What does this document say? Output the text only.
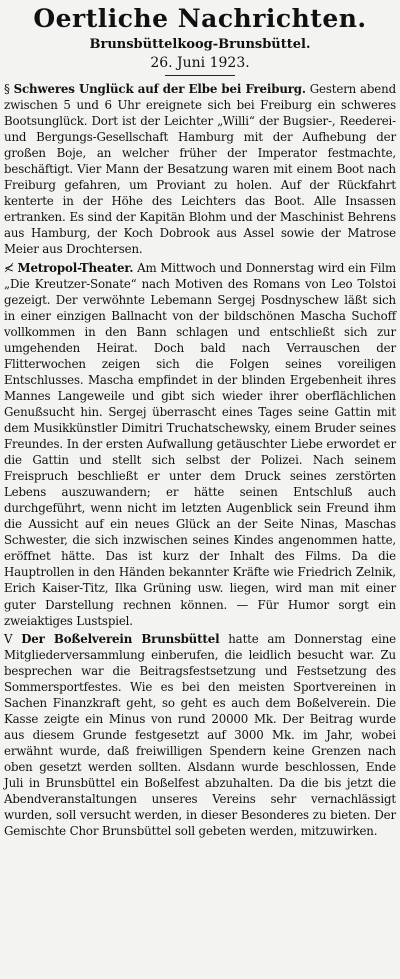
Oertliche Nachrichten.
Brunsbüttelkoog-Brunsbüttel.
26. Juni 1923.

§ Schweres Unglück auf der Elbe bei Freiburg. Gestern abend zwischen 5 und 6 Uhr ereignete sich bei Freiburg ein schweres Bootsunglück. Dort ist der Leichter „Willi“ der Bugsier-, Reederei- und Bergungs-Gesellschaft Hamburg mit der Aufhebung der großen Boje, an welcher früher der Imperator festmachte, beschäftigt. Vier Mann der Besatzung waren mit einem Boot nach Freiburg gefahren, um Proviant zu holen. Auf der Rückfahrt kenterte in der Höhe des Leichters das Boot. Alle Insassen ertranken. Es sind der Kapitän Blohm und der Maschinist Behrens aus Hamburg, der Koch Dobrook aus Assel sowie der Matrose Meier aus Drochtersen.

≮ Metropol-Theater. Am Mittwoch und Donnerstag wird ein Film „Die Kreutzer-Sonate“ nach Motiven des Romans von Leo Tolstoi gezeigt. Der verwöhnte Lebemann Sergej Posdnyschew läßt sich in einer einzigen Ballnacht von der bildschönen Mascha Suchoff vollkommen in den Bann schlagen und entschließt sich zur umgehenden Heirat. Doch bald nach Verrauschen der Flitterwochen zeigen sich die Folgen seines voreiligen Entschlusses. Mascha empfindet in der blinden Ergebenheit ihres Mannes Langeweile und gibt sich wieder ihrer oberflächlichen Genußsucht hin. Sergej überrascht eines Tages seine Gattin mit dem Musikkünstler Dimitri Truchatschewsky, einem Bruder seines Freundes. In der ersten Aufwallung getäuschter Liebe erwordet er die Gattin und stellt sich selbst der Polizei. Nach seinem Freispruch beschließt er unter dem Druck seines zerstörten Lebens auszuwandern; er hätte seinen Entschluß auch durchgeführt, wenn nicht im letzten Augenblick sein Freund ihm die Aussicht auf ein neues Glück an der Seite Ninas, Maschas Schwester, die sich inzwischen seines Kindes angenommen hatte, eröffnet hätte. Das ist kurz der Inhalt des Films. Da die Hauptrollen in den Händen bekannter Kräfte wie Friedrich Zelnik, Erich Kaiser-Titz, Ilka Grüning usw. liegen, wird man mit einer guter Darstellung rechnen können. — Für Humor sorgt ein zweiaktiges Lustspiel.

V Der Boßelverein Brunsbüttel hatte am Donnerstag eine Mitgliederversammlung einberufen, die leidlich besucht war. Zu besprechen war die Beitragsfestsetzung und Festsetzung des Sommersportfestes. Wie es bei den meisten Sportvereinen in Sachen Finanzkraft geht, so geht es auch dem Boßelverein. Die Kasse zeigte ein Minus von rund 20000 Mk. Der Beitrag wurde aus diesem Grunde festgesetzt auf 3000 Mk. im Jahr, wobei erwähnt wurde, daß freiwilligen Spendern keine Grenzen nach oben gesetzt werden sollten. Alsdann wurde beschlossen, Ende Juli in Brunsbüttel ein Boßelfest abzuhalten. Da die bis jetzt die Abendveranstaltungen unseres Vereins sehr vernachlässigt wurden, soll versucht werden, in dieser Besonderes zu bieten. Der Gemischte Chor Brunsbüttel soll gebeten werden, mitzuwirken.
